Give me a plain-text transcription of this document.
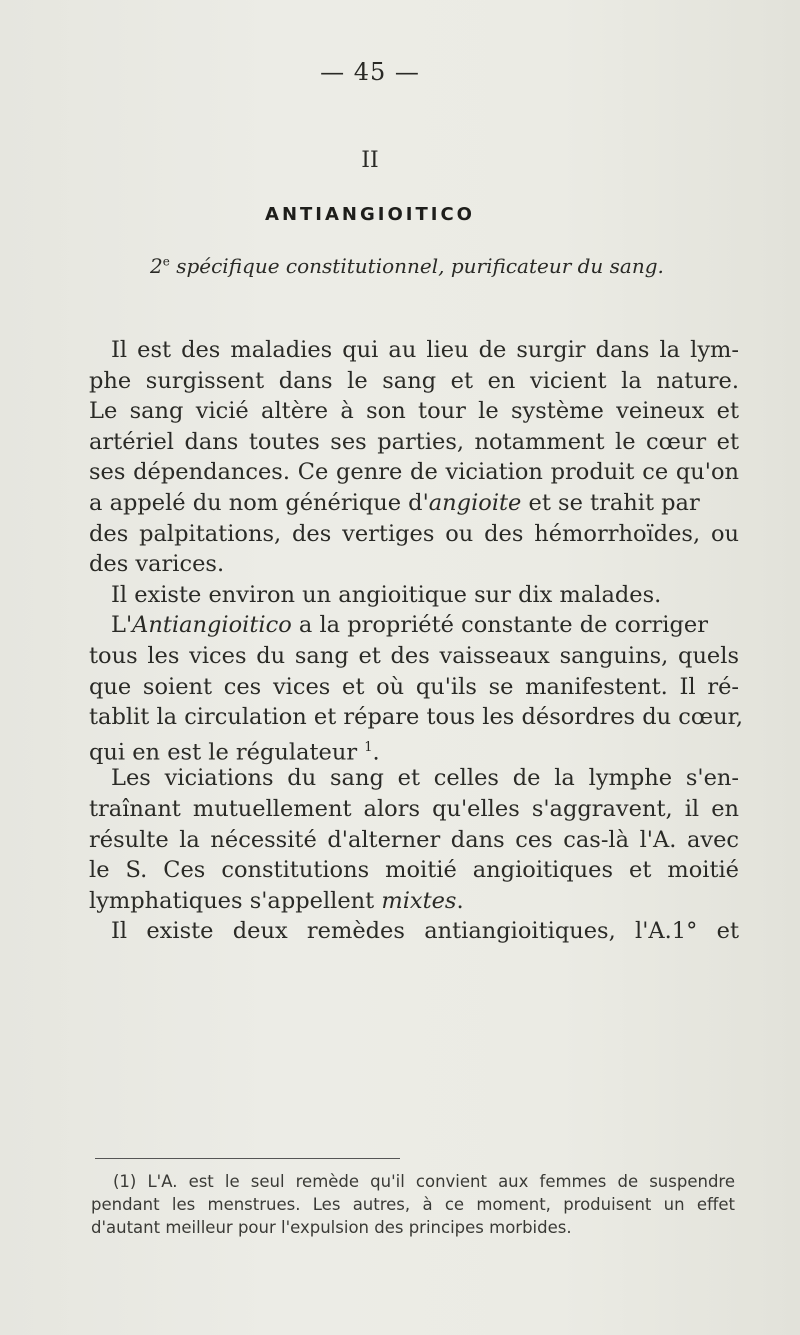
— 45 —
II
ANTIANGIOITICO
2e spécifique constitutionnel, purificateur du sang.
Il est des maladies qui au lieu de surgir dans la lym-
phe surgissent dans le sang et en vicient la nature.
Le sang vicié altère à son tour le système veineux et
artériel dans toutes ses parties, notamment le cœur et
ses dépendances. Ce genre de viciation produit ce qu'on
a appelé du nom générique d'angioite et se trahit par
des palpitations, des vertiges ou des hémorrhoïdes, ou
des varices.
Il existe environ un angioitique sur dix malades.
L'Antiangioitico a la propriété constante de corriger
tous les vices du sang et des vaisseaux sanguins, quels
que soient ces vices et où qu'ils se manifestent. Il ré-
tablit la circulation et répare tous les désordres du cœur,
qui en est le régulateur $^1$.
Les viciations du sang et celles de la lymphe s'en-
traînant mutuellement alors qu'elles s'aggravent, il en
résulte la nécessité d'alterner dans ces cas-là l'A. avec
le S. Ces constitutions moitié angioitiques et moitié
lymphatiques s'appellent mixtes.
Il existe deux remèdes antiangioitiques, l'A.1° et
(1) L'A. est le seul remède qu'il convient aux femmes de suspendre
pendant les menstrues. Les autres, à ce moment, produisent un effet
d'autant meilleur pour l'expulsion des principes morbides.
